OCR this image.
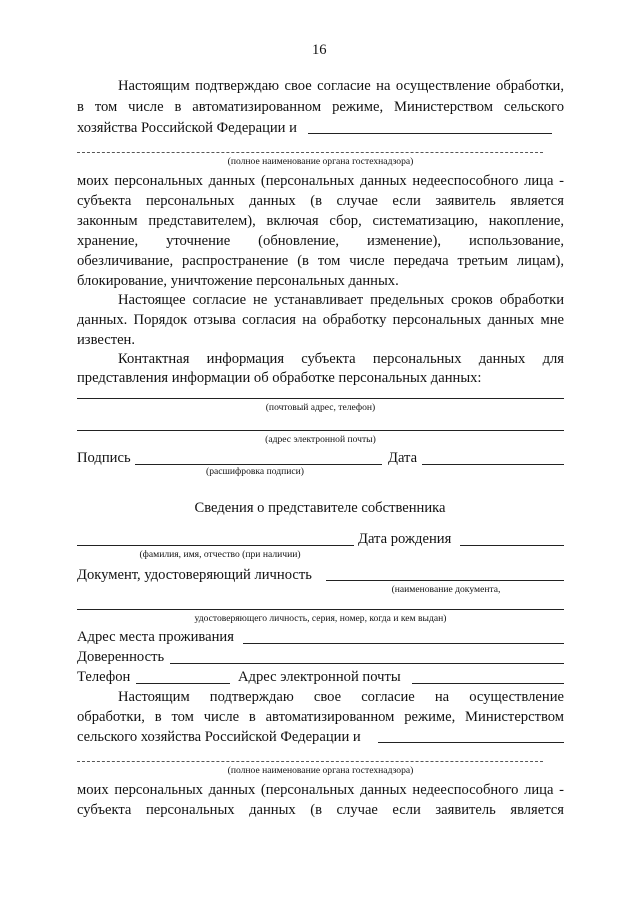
16
Настоящим подтверждаю свое согласие на осуществление обработки,
в том числе в автоматизированном режиме, Министерством сельского
хозяйства Российской Федерации и
(полное наименование органа гостехнадзора)
моих персональных данных (персональных данных недееспособного лица -
субъекта персональных данных (в случае если заявитель является
законным представителем), включая сбор, систематизацию, накопление,
хранение, уточнение (обновление, изменение), использование,
обезличивание, распространение (в том числе передача третьим лицам),
блокирование, уничтожение персональных данных.
Настоящее согласие не устанавливает предельных сроков обработки
данных. Порядок отзыва согласия на обработку персональных данных мне
известен.
Контактная информация субъекта персональных данных для
представления информации об обработке персональных данных:
(почтовый адрес, телефон)
(адрес электронной почты)
Подпись	Дата
(расшифровка подписи)
Сведения о представителе собственника
Дата рождения
(фамилия, имя, отчество (при наличии)
Документ, удостоверяющий личность
(наименование документа,
удостоверяющего личность, серия, номер, когда и кем выдан)
Адрес места проживания
Доверенность
Телефон	Адрес электронной почты
Настоящим подтверждаю свое согласие на осуществление
обработки, в том числе в автоматизированном режиме, Министерством
сельского хозяйства Российской Федерации и
(полное наименование органа гостехнадзора)
моих персональных данных (персональных данных недееспособного лица -
субъекта персональных данных (в случае если заявитель является
